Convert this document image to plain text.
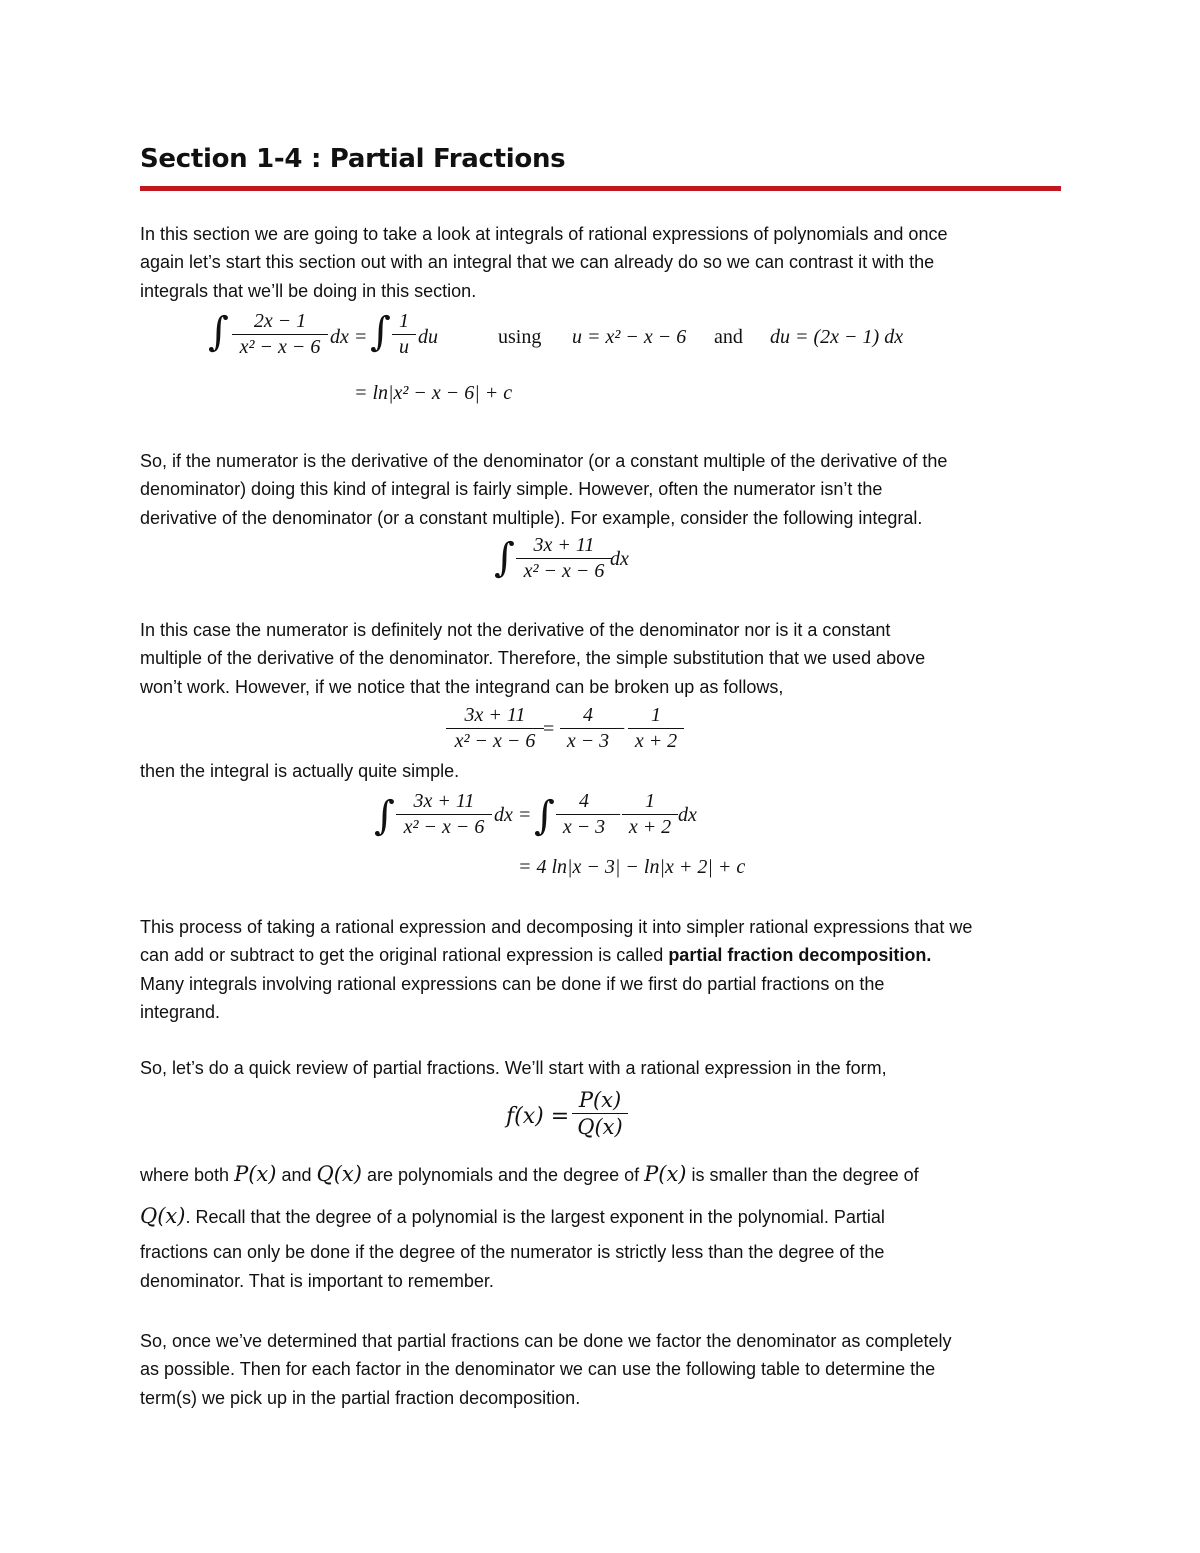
Section 1-4 : Partial Fractions
In this section we are going to take a look at integrals of rational expressions of polynomials and once
again let’s start this section out with an integral that we can already do so we can contrast it with the
integrals that we’ll be doing in this section.
∫ $\frac{2x - 1}{\text{x² − x − 6}}$ dx = ∫ $\frac{1}{u}$ du	using u = x² − x − 6 and du = (2x − 1) dx
= ln|x² − x − 6| + c
So, if the numerator is the derivative of the denominator (or a constant multiple of the derivative of the
denominator) doing this kind of integral is fairly simple. However, often the numerator isn’t the
derivative of the denominator (or a constant multiple). For example, consider the following integral.
∫ $\frac{3x + 11}{\text{x² − x − 6}}$
dx
In this case the numerator is definitely not the derivative of the denominator nor is it a constant
multiple of the derivative of the denominator. Therefore, the simple substitution that we used above
won’t work. However, if we notice that the integrand can be broken up as follows,
$\frac{3x + 11}{\text{x² − x − 6}} = \frac{4}{x - 3}$
− $\frac{1}{x + 2}$
then the integral is actually quite simple.
∫ $\frac{3x + 11}{\text{x² − x − 6}}$ dx = ∫ $\frac{4}{x - 3}$
− $\frac{1}{x + 2}$ dx
= 4 ln|x − 3| − ln|x + 2| + c
This process of taking a rational expression and decomposing it into simpler rational expressions that we
can add or subtract to get the original rational expression is called partial fraction decomposition.
Many integrals involving rational expressions can be done if we first do partial fractions on the
integrand.
So, let’s do a quick review of partial fractions. We’ll start with a rational expression in the form,
$f(x) = \frac{P(x)}{Q(x)}$
where both P(x) and Q(x) are polynomials and the degree of P(x) is smaller than the degree of
Q(x). Recall that the degree of a polynomial is the largest exponent in the polynomial. Partial
fractions can only be done if the degree of the numerator is strictly less than the degree of the
denominator. That is important to remember.
So, once we’ve determined that partial fractions can be done we factor the denominator as completely
as possible. Then for each factor in the denominator we can use the following table to determine the
term(s) we pick up in the partial fraction decomposition.
